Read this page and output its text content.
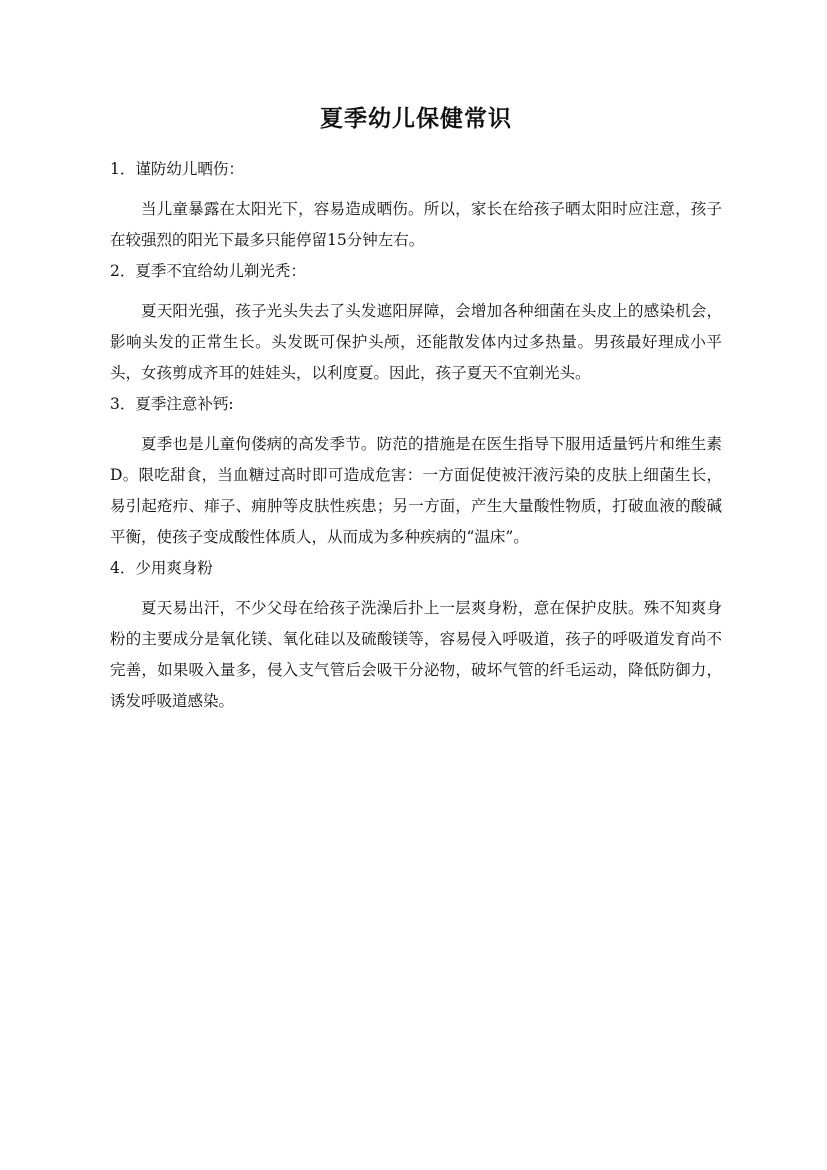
夏季幼儿保健常识

1．谨防幼儿晒伤：

当儿童暴露在太阳光下，容易造成晒伤。所以，家长在给孩子晒太阳时应注意，孩子在较强烈的阳光下最多只能停留15分钟左右。

2．夏季不宜给幼儿剃光秃：

夏天阳光强，孩子光头失去了头发遮阳屏障，会增加各种细菌在头皮上的感染机会，影响头发的正常生长。头发既可保护头颅，还能散发体内过多热量。男孩最好理成小平头，女孩剪成齐耳的娃娃头，以利度夏。因此，孩子夏天不宜剃光头。

3．夏季注意补钙:

夏季也是儿童佝偻病的高发季节。防范的措施是在医生指导下服用适量钙片和维生素D。限吃甜食，当血糖过高时即可造成危害：一方面促使被汗液污染的皮肤上细菌生长，易引起疮疖、痱子、痈肿等皮肤性疾患；另一方面，产生大量酸性物质，打破血液的酸碱平衡，使孩子变成酸性体质人，从而成为多种疾病的“温床”。

4．少用爽身粉

夏天易出汗，不少父母在给孩子洗澡后扑上一层爽身粉，意在保护皮肤。殊不知爽身粉的主要成分是氧化镁、氧化硅以及硫酸镁等，容易侵入呼吸道，孩子的呼吸道发育尚不完善，如果吸入量多，侵入支气管后会吸干分泌物，破坏气管的纤毛运动，降低防御力，诱发呼吸道感染。
